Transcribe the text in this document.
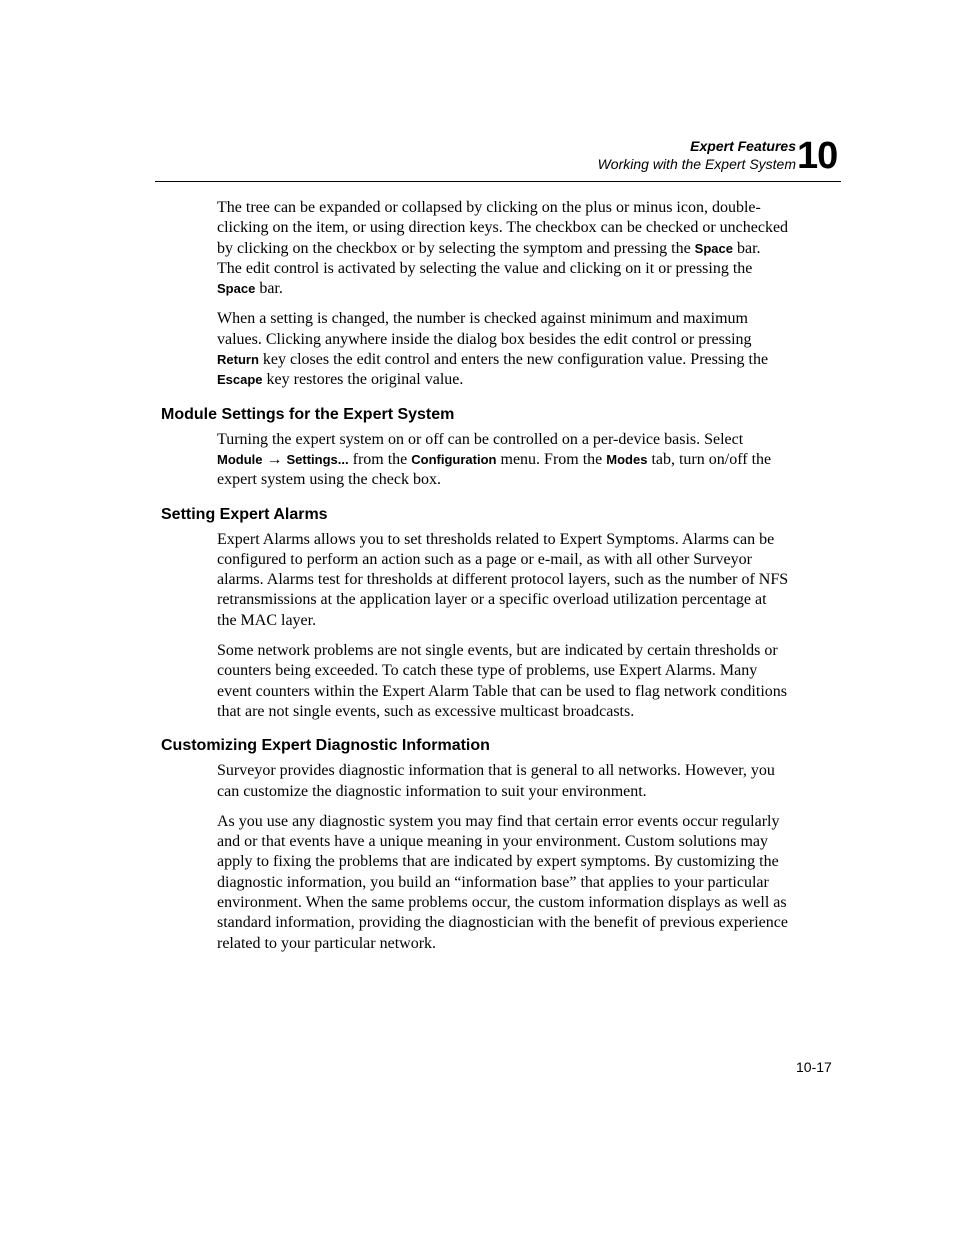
Expert Features
Working with the Expert System 10

The tree can be expanded or collapsed by clicking on the plus or minus icon, double-clicking on the item, or using direction keys. The checkbox can be checked or unchecked by clicking on the checkbox or by selecting the symptom and pressing the Space bar. The edit control is activated by selecting the value and clicking on it or pressing the Space bar.

When a setting is changed, the number is checked against minimum and maximum values. Clicking anywhere inside the dialog box besides the edit control or pressing Return key closes the edit control and enters the new configuration value. Pressing the Escape key restores the original value.

Module Settings for the Expert System

Turning the expert system on or off can be controlled on a per-device basis. Select Module → Settings... from the Configuration menu. From the Modes tab, turn on/off the expert system using the check box.

Setting Expert Alarms

Expert Alarms allows you to set thresholds related to Expert Symptoms. Alarms can be configured to perform an action such as a page or e-mail, as with all other Surveyor alarms. Alarms test for thresholds at different protocol layers, such as the number of NFS retransmissions at the application layer or a specific overload utilization percentage at the MAC layer.

Some network problems are not single events, but are indicated by certain thresholds or counters being exceeded. To catch these type of problems, use Expert Alarms. Many event counters within the Expert Alarm Table that can be used to flag network conditions that are not single events, such as excessive multicast broadcasts.

Customizing Expert Diagnostic Information

Surveyor provides diagnostic information that is general to all networks. However, you can customize the diagnostic information to suit your environment.

As you use any diagnostic system you may find that certain error events occur regularly and or that events have a unique meaning in your environment. Custom solutions may apply to fixing the problems that are indicated by expert symptoms. By customizing the diagnostic information, you build an “information base” that applies to your particular environment. When the same problems occur, the custom information displays as well as standard information, providing the diagnostician with the benefit of previous experience related to your particular network.

10-17
